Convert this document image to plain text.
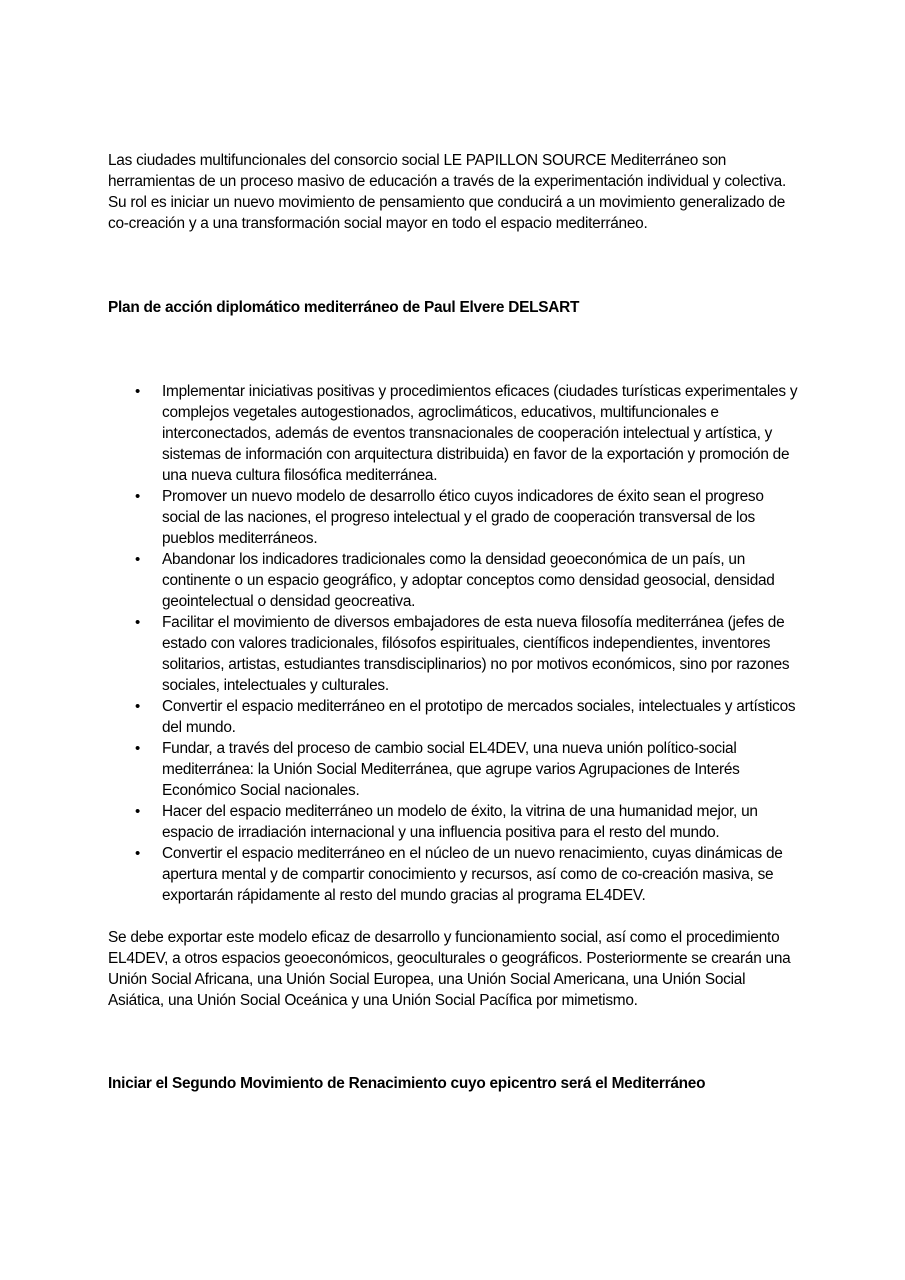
Las ciudades multifuncionales del consorcio social LE PAPILLON SOURCE Mediterráneo son herramientas de un proceso masivo de educación a través de la experimentación individual y colectiva. Su rol es iniciar un nuevo movimiento de pensamiento que conducirá a un movimiento generalizado de co-creación y a una transformación social mayor en todo el espacio mediterráneo.

Plan de acción diplomático mediterráneo de Paul Elvere DELSART

• Implementar iniciativas positivas y procedimientos eficaces (ciudades turísticas experimentales y complejos vegetales autogestionados, agroclimáticos, educativos, multifuncionales e interconectados, además de eventos transnacionales de cooperación intelectual y artística, y sistemas de información con arquitectura distribuida) en favor de la exportación y promoción de una nueva cultura filosófica mediterránea.
• Promover un nuevo modelo de desarrollo ético cuyos indicadores de éxito sean el progreso social de las naciones, el progreso intelectual y el grado de cooperación transversal de los pueblos mediterráneos.
• Abandonar los indicadores tradicionales como la densidad geoeconómica de un país, un continente o un espacio geográfico, y adoptar conceptos como densidad geosocial, densidad geointelectual o densidad geocreativa.
• Facilitar el movimiento de diversos embajadores de esta nueva filosofía mediterránea (jefes de estado con valores tradicionales, filósofos espirituales, científicos independientes, inventores solitarios, artistas, estudiantes transdisciplinarios) no por motivos económicos, sino por razones sociales, intelectuales y culturales.
• Convertir el espacio mediterráneo en el prototipo de mercados sociales, intelectuales y artísticos del mundo.
• Fundar, a través del proceso de cambio social EL4DEV, una nueva unión político-social mediterránea: la Unión Social Mediterránea, que agrupe varios Agrupaciones de Interés Económico Social nacionales.
• Hacer del espacio mediterráneo un modelo de éxito, la vitrina de una humanidad mejor, un espacio de irradiación internacional y una influencia positiva para el resto del mundo.
• Convertir el espacio mediterráneo en el núcleo de un nuevo renacimiento, cuyas dinámicas de apertura mental y de compartir conocimiento y recursos, así como de co-creación masiva, se exportarán rápidamente al resto del mundo gracias al programa EL4DEV.

Se debe exportar este modelo eficaz de desarrollo y funcionamiento social, así como el procedimiento EL4DEV, a otros espacios geoeconómicos, geoculturales o geográficos. Posteriormente se crearán una Unión Social Africana, una Unión Social Europea, una Unión Social Americana, una Unión Social Asiática, una Unión Social Oceánica y una Unión Social Pacífica por mimetismo.

Iniciar el Segundo Movimiento de Renacimiento cuyo epicentro será el Mediterráneo
